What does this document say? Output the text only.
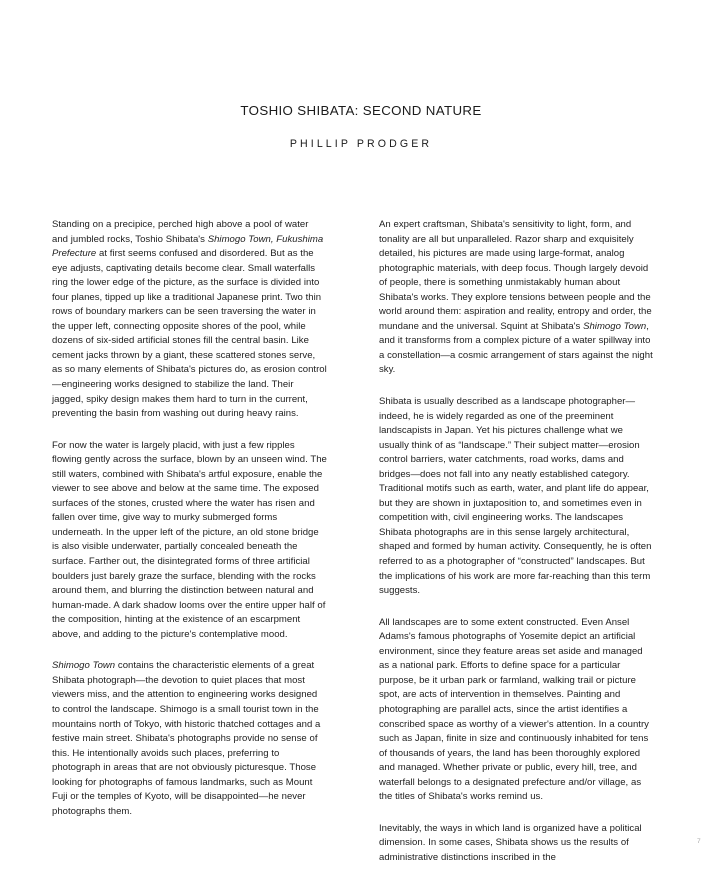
TOSHIO SHIBATA: SECOND NATURE
PHILLIP PRODGER

Standing on a precipice, perched high above a pool of water and jumbled rocks, Toshio Shibata's Shimogo Town, Fukushima Prefecture at first seems confused and disordered. But as the eye adjusts, captivating details become clear. Small waterfalls ring the lower edge of the picture, as the surface is divided into four planes, tipped up like a traditional Japanese print. Two thin rows of boundary markers can be seen traversing the water in the upper left, connecting opposite shores of the pool, while dozens of six-sided artificial stones fill the central basin. Like cement jacks thrown by a giant, these scattered stones serve, as so many elements of Shibata's pictures do, as erosion control—engineering works designed to stabilize the land. Their jagged, spiky design makes them hard to turn in the current, preventing the basin from washing out during heavy rains.

For now the water is largely placid, with just a few ripples flowing gently across the surface, blown by an unseen wind. The still waters, combined with Shibata's artful exposure, enable the viewer to see above and below at the same time. The exposed surfaces of the stones, crusted where the water has risen and fallen over time, give way to murky submerged forms underneath. In the upper left of the picture, an old stone bridge is also visible underwater, partially concealed beneath the surface. Farther out, the disintegrated forms of three artificial boulders just barely graze the surface, blending with the rocks around them, and blurring the distinction between natural and human-made. A dark shadow looms over the entire upper half of the composition, hinting at the existence of an escarpment above, and adding to the picture's contemplative mood.

Shimogo Town contains the characteristic elements of a great Shibata photograph—the devotion to quiet places that most viewers miss, and the attention to engineering works designed to control the landscape. Shimogo is a small tourist town in the mountains north of Tokyo, with historic thatched cottages and a festive main street. Shibata's photographs provide no sense of this. He intentionally avoids such places, preferring to photograph in areas that are not obviously picturesque. Those looking for photographs of famous landmarks, such as Mount Fuji or the temples of Kyoto, will be disappointed—he never photographs them.

An expert craftsman, Shibata's sensitivity to light, form, and tonality are all but unparalleled. Razor sharp and exquisitely detailed, his pictures are made using large-format, analog photographic materials, with deep focus. Though largely devoid of people, there is something unmistakably human about Shibata's works. They explore tensions between people and the world around them: aspiration and reality, entropy and order, the mundane and the universal. Squint at Shibata's Shimogo Town, and it transforms from a complex picture of a water spillway into a constellation—a cosmic arrangement of stars against the night sky.

Shibata is usually described as a landscape photographer—indeed, he is widely regarded as one of the preeminent landscapists in Japan. Yet his pictures challenge what we usually think of as “landscape.” Their subject matter—erosion control barriers, water catchments, road works, dams and bridges—does not fall into any neatly established category. Traditional motifs such as earth, water, and plant life do appear, but they are shown in juxtaposition to, and sometimes even in competition with, civil engineering works. The landscapes Shibata photographs are in this sense largely architectural, shaped and formed by human activity. Consequently, he is often referred to as a photographer of “constructed” landscapes. But the implications of his work are more far-reaching than this term suggests.

All landscapes are to some extent constructed. Even Ansel Adams's famous photographs of Yosemite depict an artificial environment, since they feature areas set aside and managed as a national park. Efforts to define space for a particular purpose, be it urban park or farmland, walking trail or picture spot, are acts of intervention in themselves. Painting and photographing are parallel acts, since the artist identifies a conscribed space as worthy of a viewer's attention. In a country such as Japan, finite in size and continuously inhabited for tens of thousands of years, the land has been thoroughly explored and managed. Whether private or public, every hill, tree, and waterfall belongs to a designated prefecture and/or village, as the titles of Shibata's works remind us.

Inevitably, the ways in which land is organized have a political dimension. In some cases, Shibata shows us the results of administrative distinctions inscribed in the

7
